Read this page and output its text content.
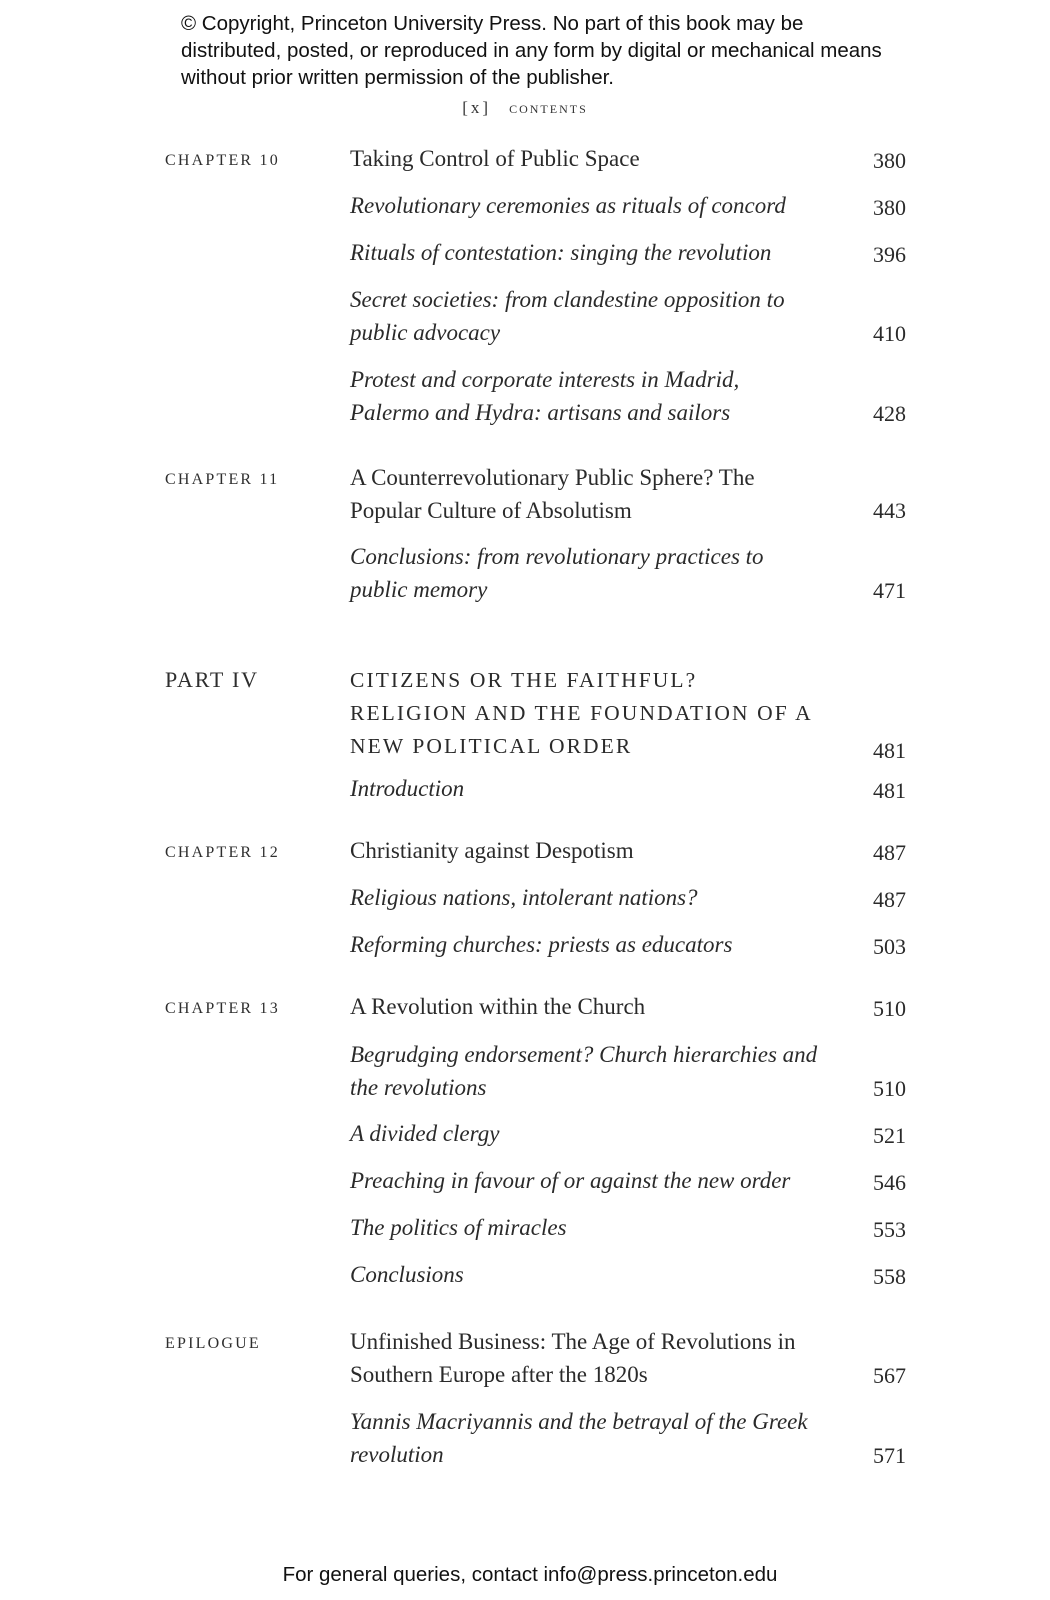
© Copyright, Princeton University Press. No part of this book may be distributed, posted, or reproduced in any form by digital or mechanical means without prior written permission of the publisher.
[x] contents
CHAPTER 10	Taking Control of Public Space	380
Revolutionary ceremonies as rituals of concord	380
Rituals of contestation: singing the revolution	396
Secret societies: from clandestine opposition to public advocacy	410
Protest and corporate interests in Madrid, Palermo and Hydra: artisans and sailors	428
CHAPTER 11	A Counterrevolutionary Public Sphere? The Popular Culture of Absolutism	443
Conclusions: from revolutionary practices to public memory	471
PART IV	CITIZENS OR THE FAITHFUL? RELIGION AND THE FOUNDATION OF A NEW POLITICAL ORDER	481
Introduction	481
CHAPTER 12	Christianity against Despotism	487
Religious nations, intolerant nations?	487
Reforming churches: priests as educators	503
CHAPTER 13	A Revolution within the Church	510
Begrudging endorsement? Church hierarchies and the revolutions	510
A divided clergy	521
Preaching in favour of or against the new order	546
The politics of miracles	553
Conclusions	558
EPILOGUE	Unfinished Business: The Age of Revolutions in Southern Europe after the 1820s	567
Yannis Macriyannis and the betrayal of the Greek revolution	571
For general queries, contact info@press.princeton.edu
